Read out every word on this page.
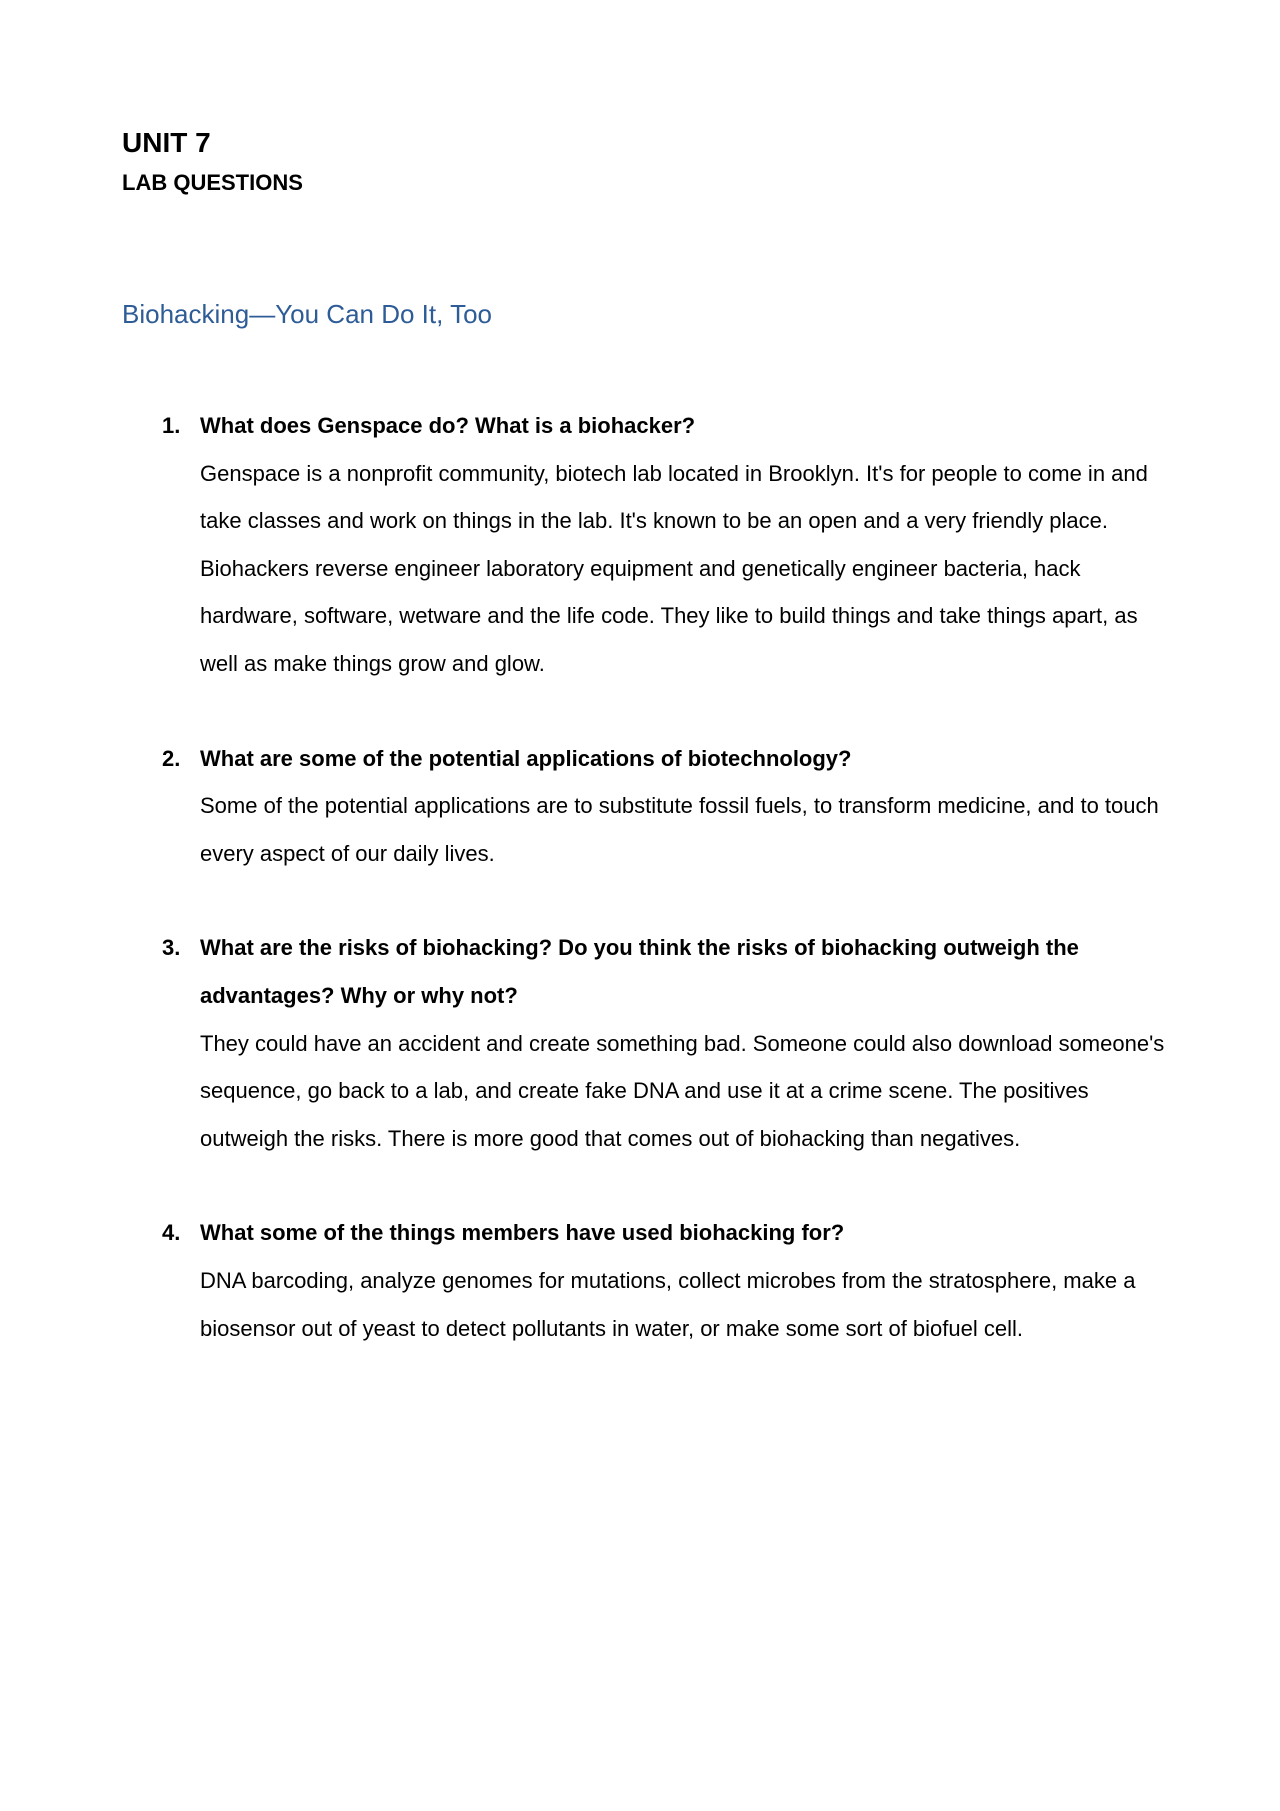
UNIT 7
LAB QUESTIONS
Biohacking—You Can Do It, Too
1. What does Genspace do? What is a biohacker?

Genspace is a nonprofit community, biotech lab located in Brooklyn. It's for people to come in and take classes and work on things in the lab. It's known to be an open and a very friendly place. Biohackers reverse engineer laboratory equipment and genetically engineer bacteria, hack hardware, software, wetware and the life code. They like to build things and take things apart, as well as make things grow and glow.

2. What are some of the potential applications of biotechnology?

Some of the potential applications are to substitute fossil fuels, to transform medicine, and to touch every aspect of our daily lives.

3. What are the risks of biohacking? Do you think the risks of biohacking outweigh the advantages? Why or why not?

They could have an accident and create something bad. Someone could also download someone's sequence, go back to a lab, and create fake DNA and use it at a crime scene. The positives outweigh the risks. There is more good that comes out of biohacking than negatives.

4. What some of the things members have used biohacking for?

DNA barcoding, analyze genomes for mutations, collect microbes from the stratosphere, make a biosensor out of yeast to detect pollutants in water, or make some sort of biofuel cell.
